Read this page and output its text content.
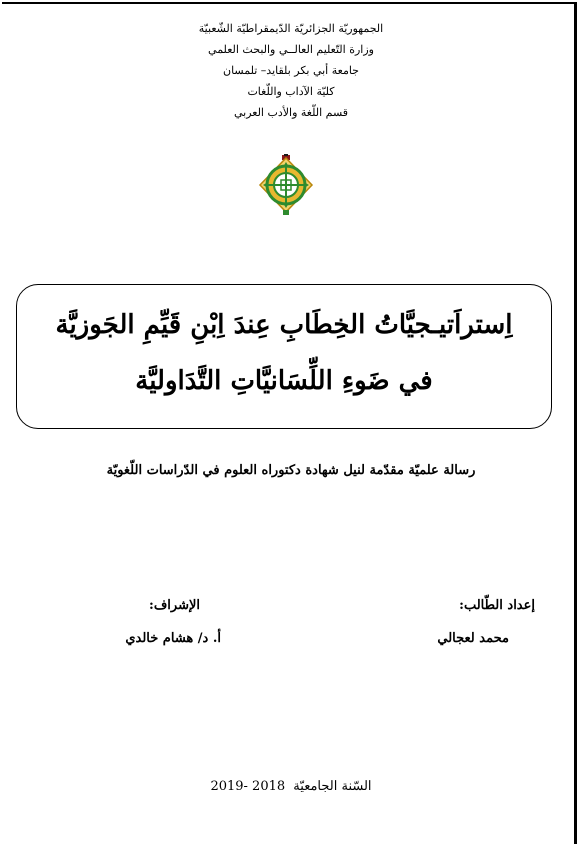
الجمهوريّة الجزائريّة الدّيمقراطيّة الشّعبيّة
وزارة التّعليم العالــي والبحث العلمي
جامعة أبي بكر بلقايد– تلمسان
كليّة الآداب واللّغات
قسم اللّغة والأدب العربي
اِستراَتيـجيَّاتُ الخِطَابِ عِندَ اِبْنِ قَيِّمِ الجَوزيَّة
في ضَوءِ اللِّسَانيَّاتِ التَّدَاوليَّة
رسالة علميّة مقدّمة لنيل شهادة دكتوراه العلوم في الدّراسات اللّغويّة
إعداد الطّالب:
محمد لعجالي
الإشراف:
أ. د/ هشام خالدي
السّنة الجامعيّة 2019- 2018
